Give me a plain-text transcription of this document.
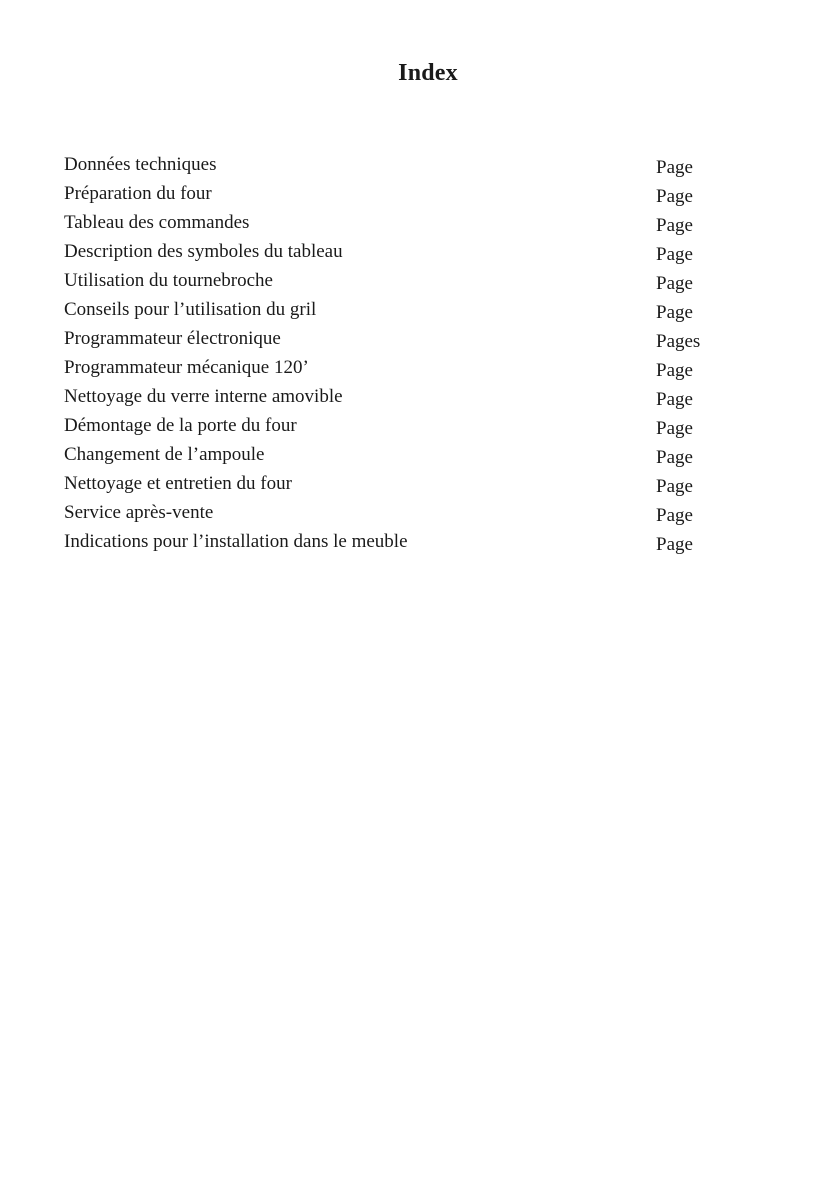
Index
Données techniques	Page
Préparation du four	Page
Tableau des commandes	Page
Description des symboles du tableau	Page
Utilisation du tournebroche	Page
Conseils pour l’utilisation du gril	Page
Programmateur électronique	Pages
Programmateur mécanique 120’	Page
Nettoyage du verre interne amovible	Page
Démontage de la porte du four	Page
Changement de l’ampoule	Page
Nettoyage et entretien du four	Page
Service après-vente	Page
Indications pour l’installation dans le meuble	Page
